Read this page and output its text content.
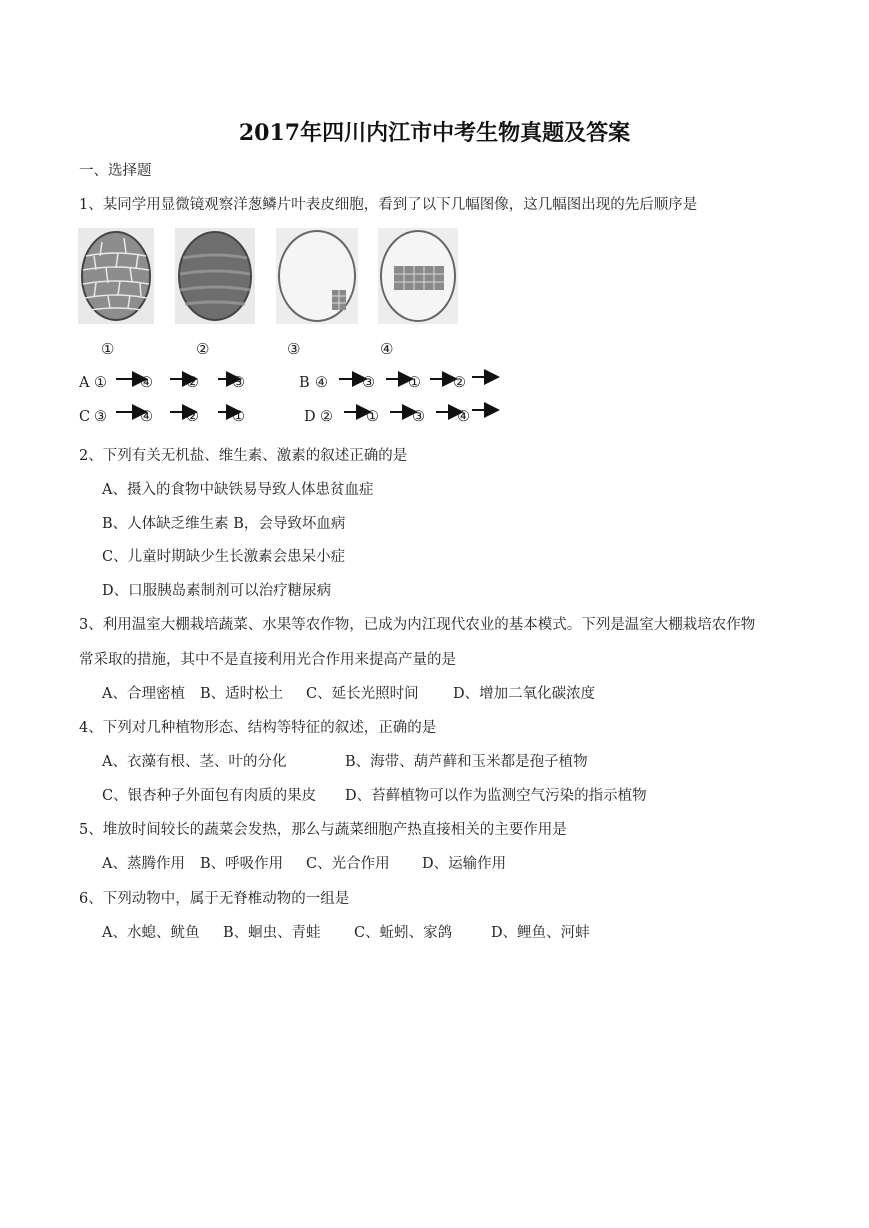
2017年四川内江市中考生物真题及答案
一、选择题
1、某同学用显微镜观察洋葱鳞片叶表皮细胞，看到了以下几幅图像，这几幅图出现的先后顺序是
①	②	③	④
A ① ④ ② ③	B ④ ③ ① ②
C ③ ④ ② ①	D ② ① ③ ④
2、下列有关无机盐、维生素、激素的叙述正确的是
A、摄入的食物中缺铁易导致人体患贫血症
B、人体缺乏维生素 B，会导致坏血病
C、儿童时期缺少生长激素会患呆小症
D、口服胰岛素制剂可以治疗糖尿病
3、利用温室大棚栽培蔬菜、水果等农作物，已成为内江现代农业的基本模式。下列是温室大棚栽培农作物
常采取的措施，其中不是直接利用光合作用来提高产量的是
A、合理密植 B、适时松土 C、延长光照时间 D、增加二氧化碳浓度
4、下列对几种植物形态、结构等特征的叙述，正确的是
A、衣藻有根、茎、叶的分化	B、海带、葫芦藓和玉米都是孢子植物
C、银杏种子外面包有肉质的果皮 D、苔藓植物可以作为监测空气污染的指示植物
5、堆放时间较长的蔬菜会发热，那么与蔬菜细胞产热直接相关的主要作用是
A、蒸腾作用 B、呼吸作用 C、光合作用 D、运输作用
6、下列动物中，属于无脊椎动物的一组是
A、水螅、鱿鱼 B、蛔虫、青蛙 C、蚯蚓、家鸽	D、鲤鱼、河蚌
